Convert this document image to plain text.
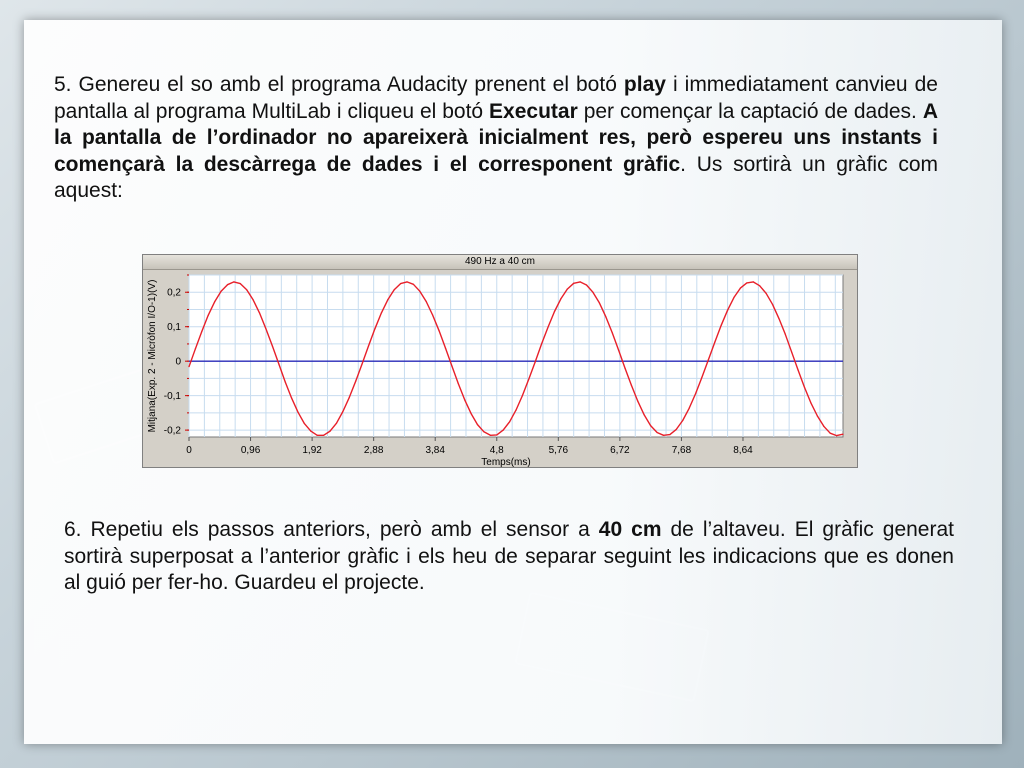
5. Genereu el so amb el programa Audacity prenent el botó play i immediatament canvieu de pantalla al programa MultiLab i cliqueu el botó Executar per començar la captació de dades. A la pantalla de l’ordinador no apareixerà inicialment res, però espereu uns instants i començarà la descàrrega de dades i el corresponent gràfic. Us sortirà un gràfic com aquest:

490 Hz a 40 cm
0,2
0,1
0
-0,1
-0,2
0	0,96	1,92	2,88	3,84	4,8	5,76	6,72	7,68	8,64
Temps(ms)
Mitjana(Exp. 2 - Micròfon I/O-1)(V)

6. Repetiu els passos anteriors, però amb el sensor a 40 cm de l’altaveu. El gràfic generat sortirà superposat a l’anterior gràfic i els heu de separar seguint les indicacions que es donen al guió per fer-ho. Guardeu el projecte.
